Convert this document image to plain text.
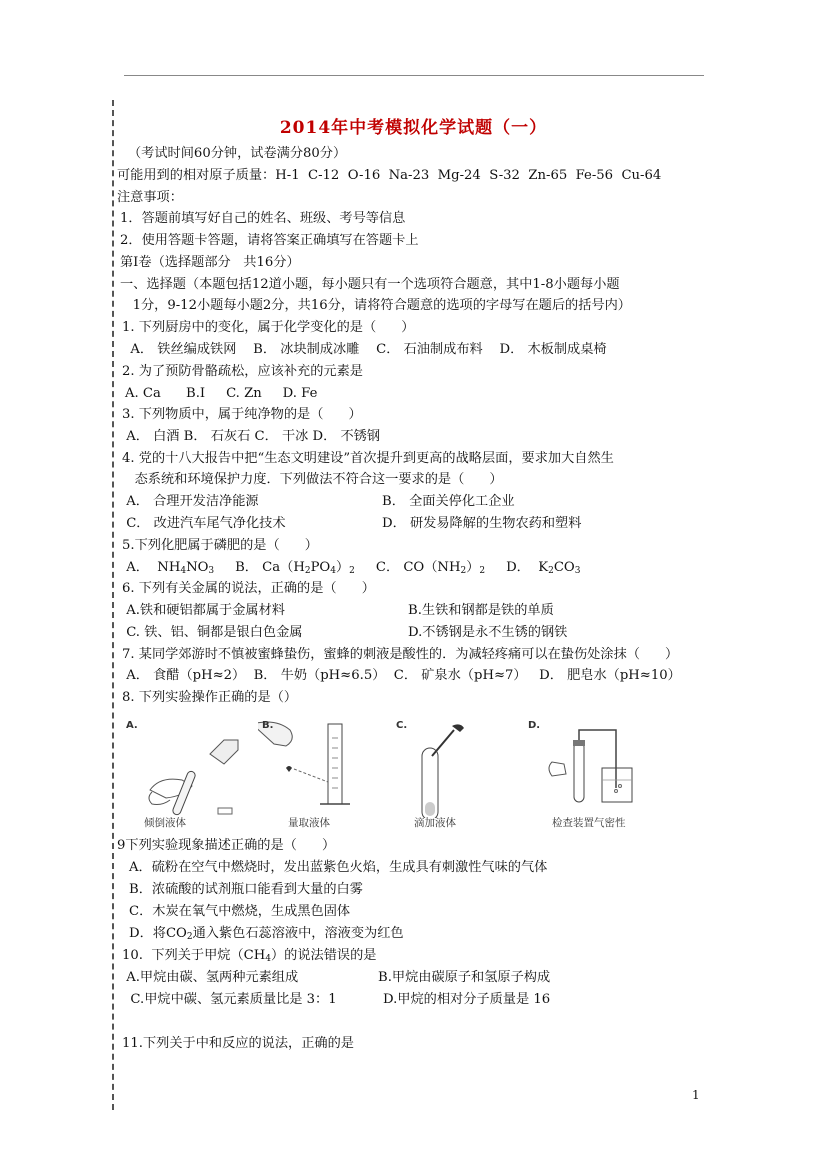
2014年中考模拟化学试题（一）
（考试时间60分钟，试卷满分80分）
可能用到的相对原子质量：H-1  C-12  O-16  Na-23  Mg-24  S-32  Zn-65  Fe-56  Cu-64
注意事项：
1．答题前填写好自己的姓名、班级、考号等信息
2．使用答题卡答题，请将答案正确填写在答题卡上
第I卷（选择题部分   共16分）
一、选择题（本题包括12道小题，每小题只有一个选项符合题意，其中1-8小题每小题
1分，9-12小题每小题2分，共16分，请将符合题意的选项的字母写在题后的括号内）
1. 下列厨房中的变化，属于化学变化的是（      ）
A． 铁丝编成铁网    B． 冰块制成冰雕    C． 石油制成布料    D． 木板制成桌椅
2. 为了预防骨骼疏松，应该补充的元素是
A. Ca      B.I     C. Zn     D. Fe
3. 下列物质中，属于纯净物的是（      ）
A． 白酒 B． 石灰石 C． 干冰 D． 不锈钢
4. 党的十八大报告中把“生态文明建设”首次提升到更高的战略层面，要求加大自然生
态系统和环境保护力度．下列做法不符合这一要求的是（      ）
A． 合理开发洁净能源	B． 全面关停化工企业
C． 改进汽车尾气净化技术	D． 研发易降解的生物农药和塑料
5.下列化肥属于磷肥的是（      ）
A．  $NH_4NO_3$     B． $Ca(H_2PO_4)_2$     C． $CO(NH_2)_2$     D．  $K_2CO_3$
6. 下列有关金属的说法，正确的是（      ）
A.铁和硬铝都属于金属材料	B.生铁和钢都是铁的单质
C. 铁、铝、铜都是银白色金属	D.不锈钢是永不生锈的钢铁
7. 某同学郊游时不慎被蜜蜂蛰伤，蜜蜂的刺液是酸性的．为减轻疼痛可以在蛰伤处涂抹（      ）
A． 食醋（pH≈2）  B． 牛奶（pH≈6.5）  C． 矿泉水（pH≈7）   D． 肥皂水（pH≈10）
8. 下列实验操作正确的是（）
A.
倾倒液体
B.
量取液体
C.
滴加液体
D.
检查装置气密性
9下列实验现象描述正确的是（      ）
A．硫粉在空气中燃烧时，发出蓝紫色火焰，生成具有刺激性气味的气体
B．浓硫酸的试剂瓶口能看到大量的白雾
C．木炭在氧气中燃烧，生成黑色固体
D．将$CO_2$通入紫色石蕊溶液中，溶液变为红色
10.  下列关于甲烷$(CH_4)$的说法错误的是
A.甲烷由碳、氢两种元素组成	B.甲烷由碳原子和氢原子构成
C.甲烷中碳、氢元素质量比是 3：1	D.甲烷的相对分子质量是 16
11.下列关于中和反应的说法，正确的是
1
